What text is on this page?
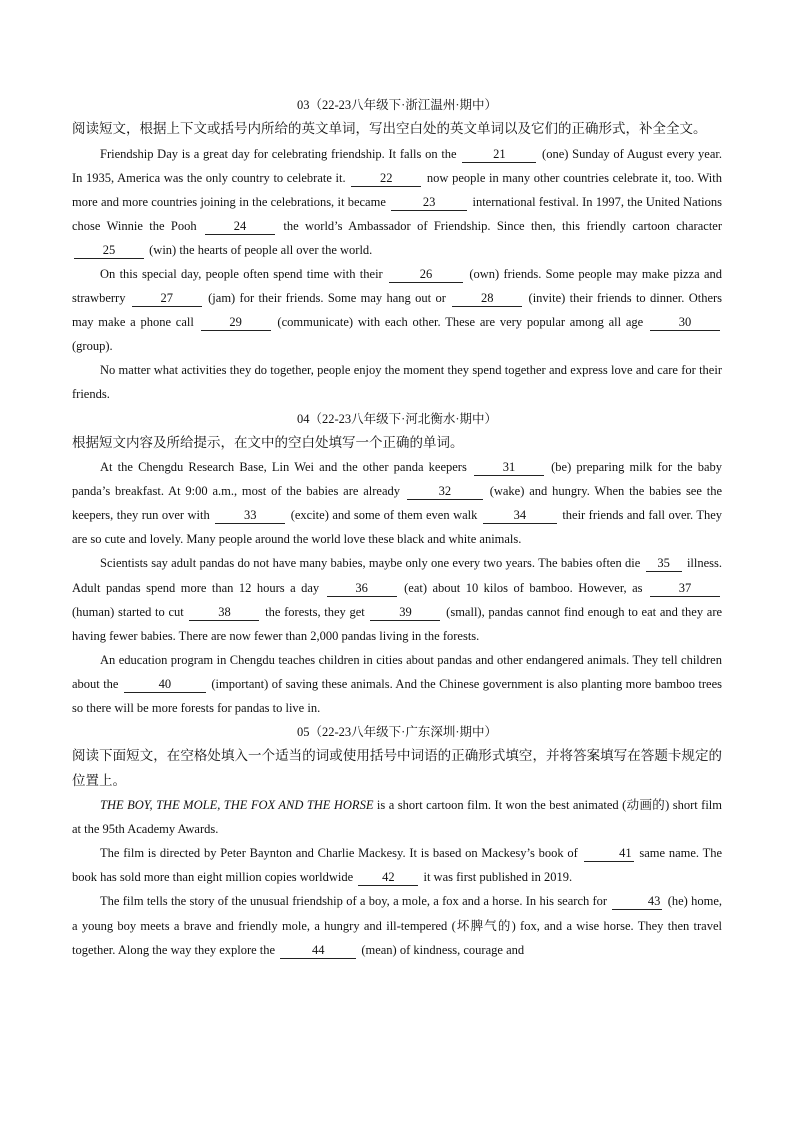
03（22-23八年级下·浙江温州·期中）

阅读短文，根据上下文或括号内所给的英文单词，写出空白处的英文单词以及它们的正确形式，补全全文。

Friendship Day is a great day for celebrating friendship. It falls on the	21	(one) Sunday of August every year. In 1935, America was the only country to celebrate it.	22	now people in many other countries celebrate it, too. With more and more countries joining in the celebrations, it became	23	international festival. In 1997, the United Nations chose Winnie the Pooh	24	the world’s Ambassador of Friendship. Since then, this friendly cartoon character 25	(win) the hearts of people all over the world.

On this special day, people often spend time with their	26	(own) friends. Some people may make pizza and strawberry	27	(jam) for their friends. Some may hang out or	28	(invite) their friends to dinner. Others may make a phone call	29	(communicate) with each other. These are very popular among all age	30 (group).

No matter what activities they do together, people enjoy the moment they spend together and express love and care for their friends.

04（22-23八年级下·河北衡水·期中）

根据短文内容及所给提示，在文中的空白处填写一个正确的单词。

At the Chengdu Research Base, Lin Wei and the other panda keepers	31	(be) preparing milk for the baby panda’s breakfast. At 9:00 a.m., most of the babies are already	32	(wake) and hungry. When the babies see the keepers, they run over with	33	(excite) and some of them even walk	34	their friends and fall over. They are so cute and lovely. Many people around the world love these black and white animals.

Scientists say adult pandas do not have many babies, maybe only one every two years. The babies often die 35 illness. Adult pandas spend more than 12 hours a day	36	(eat) about 10 kilos of bamboo. However, as	37 (human) started to cut	38	the forests, they get	39	(small), pandas cannot find enough to eat and they are having fewer babies. There are now fewer than 2,000 pandas living in the forests.

An education program in Chengdu teaches children in cities about pandas and other endangered animals. They tell children about the	40	(important) of saving these animals. And the Chinese government is also planting more bamboo trees so there will be more forests for pandas to live in.

05（22-23八年级下·广东深圳·期中）

阅读下面短文，在空格处填入一个适当的词或使用括号中词语的正确形式填空，并将答案填写在答题卡规定的位置上。

THE BOY, THE MOLE, THE FOX AND THE HORSE is a short cartoon film. It won the best animated (动画的) short film at the 95th Academy Awards.

The film is directed by Peter Baynton and Charlie Mackesy. It is based on Mackesy’s book of	41 same name. The book has sold more than eight million copies worldwide 42 it was first published in 2019.

The film tells the story of the unusual friendship of a boy, a mole, a fox and a horse. In his search for	43 (he) home, a young boy meets a brave and friendly mole, a hungry and ill-tempered (坏脾气的) fox, and a wise horse. They then travel together. Along the way they explore the	44	(mean) of kindness, courage and
